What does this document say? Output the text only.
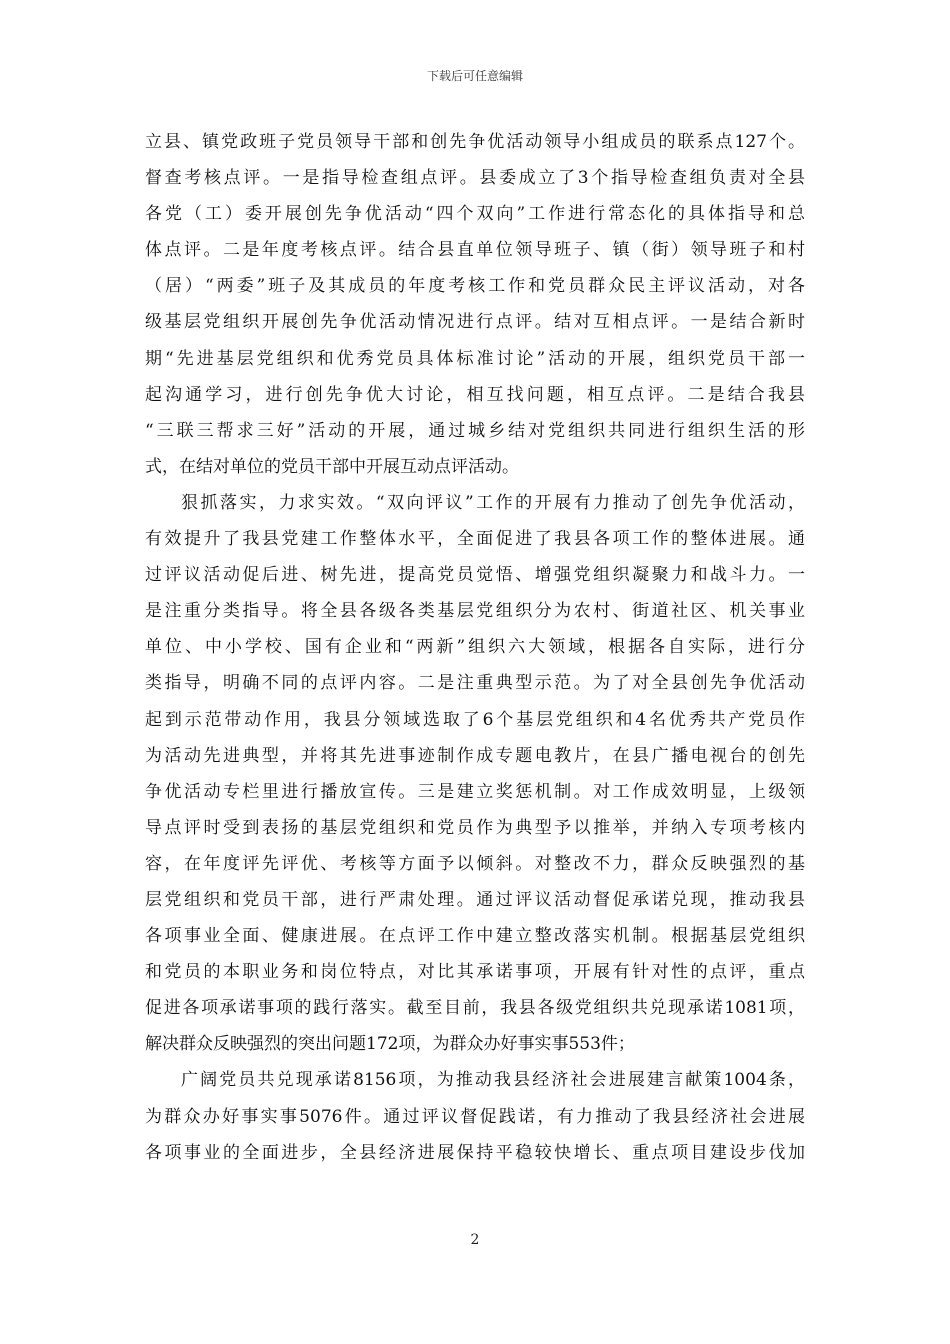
下载后可任意编辑
立县、镇党政班子党员领导干部和创先争优活动领导小组成员的联系点127个。
督查考核点评。一是指导检查组点评。县委成立了3个指导检查组负责对全县
各党（工）委开展创先争优活动“四个双向”工作进行常态化的具体指导和总
体点评。二是年度考核点评。结合县直单位领导班子、镇（街）领导班子和村
（居）“两委”班子及其成员的年度考核工作和党员群众民主评议活动，对各
级基层党组织开展创先争优活动情况进行点评。结对互相点评。一是结合新时
期“先进基层党组织和优秀党员具体标准讨论”活动的开展，组织党员干部一
起沟通学习，进行创先争优大讨论，相互找问题，相互点评。二是结合我县
“三联三帮求三好”活动的开展，通过城乡结对党组织共同进行组织生活的形
式，在结对单位的党员干部中开展互动点评活动。
狠抓落实，力求实效。“双向评议”工作的开展有力推动了创先争优活动，
有效提升了我县党建工作整体水平，全面促进了我县各项工作的整体进展。通
过评议活动促后进、树先进，提高党员觉悟、增强党组织凝聚力和战斗力。一
是注重分类指导。将全县各级各类基层党组织分为农村、街道社区、机关事业
单位、中小学校、国有企业和“两新”组织六大领域，根据各自实际，进行分
类指导，明确不同的点评内容。二是注重典型示范。为了对全县创先争优活动
起到示范带动作用，我县分领域选取了6个基层党组织和4名优秀共产党员作
为活动先进典型，并将其先进事迹制作成专题电教片，在县广播电视台的创先
争优活动专栏里进行播放宣传。三是建立奖惩机制。对工作成效明显，上级领
导点评时受到表扬的基层党组织和党员作为典型予以推举，并纳入专项考核内
容，在年度评先评优、考核等方面予以倾斜。对整改不力，群众反映强烈的基
层党组织和党员干部，进行严肃处理。通过评议活动督促承诺兑现，推动我县
各项事业全面、健康进展。在点评工作中建立整改落实机制。根据基层党组织
和党员的本职业务和岗位特点，对比其承诺事项，开展有针对性的点评，重点
促进各项承诺事项的践行落实。截至目前，我县各级党组织共兑现承诺1081项，
解决群众反映强烈的突出问题172项，为群众办好事实事553件；
广阔党员共兑现承诺8156项，为推动我县经济社会进展建言献策1004条，
为群众办好事实事5076件。通过评议督促践诺，有力推动了我县经济社会进展
各项事业的全面进步，全县经济进展保持平稳较快增长、重点项目建设步伐加
2
